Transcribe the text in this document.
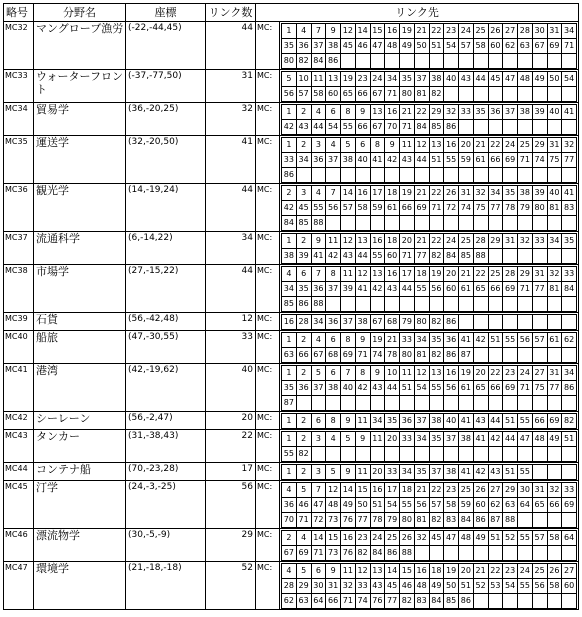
略号	分野名	座標	リンク数	リンク先
MC32	マングローブ漁労	(-22,-44,45)	44	MC:	1	4	7	9	12	14	15	16	19	21	22	23	24	25	26	27	28	30	31	34
35	36	37	38	45	46	47	48	49	50	51	54	57	58	60	62	63	67	69	71
80	82	84	86																

MC33	ウォーターフロント	(-37,-77,50)	31	MC:	5	10	11	13	19	23	24	34	35	37	38	40	43	44	45	47	48	49	50	54
56	57	58	60	65	66	67	71	80	81	82									

MC34	貿易学	(36,-20,25)	32	MC:	1	2	4	6	8	9	13	16	21	22	29	32	33	35	36	37	38	39	40	41
42	43	44	54	55	66	67	70	71	84	85	86								

MC35	運送学	(32,-20,50)	41	MC:	1	2	3	4	5	6	8	9	11	12	13	16	20	21	22	24	25	29	31	32
33	34	36	37	38	40	41	42	43	44	51	55	59	61	66	69	71	74	75	77
86																			

MC36	観光学	(14,-19,24)	44	MC:	2	3	4	7	14	16	17	18	19	21	22	26	31	32	34	35	38	39	40	41
42	45	55	56	57	58	59	61	66	69	71	72	74	75	77	78	79	80	81	83
84	85	88																	

MC37	流通科学	(6,-14,22)	34	MC:	1	2	9	11	12	13	16	18	20	21	22	24	25	28	29	31	32	33	34	35
38	39	41	42	43	44	55	60	71	77	82	84	85	88						

MC38	市場学	(27,-15,22)	44	MC:	4	6	7	8	11	12	13	16	17	18	19	20	21	22	25	28	29	31	32	33
34	35	36	37	39	41	42	43	44	55	56	60	61	65	66	69	71	77	81	84
85	86	88																	

MC39	石貨	(56,-42,48)	12	MC:	16	28	34	36	37	38	67	68	79	80	82	86								

MC40	船旅	(47,-30,55)	33	MC:	1	2	4	6	8	9	19	21	33	34	35	36	41	42	51	55	56	57	61	62
63	66	67	68	69	71	74	78	80	81	82	86	87							

MC41	港湾	(42,-19,62)	40	MC:	1	2	5	6	7	8	9	10	11	12	13	16	19	20	22	23	24	27	31	34
35	36	37	38	40	42	43	44	51	54	55	56	61	65	66	69	71	75	77	86
87																			

MC42	シーレーン	(56,-2,47)	20	MC:	1	2	6	8	9	11	34	35	36	37	38	40	41	43	44	51	55	66	69	82

MC43	タンカー	(31,-38,43)	22	MC:	1	2	3	4	5	9	11	20	33	34	35	37	38	41	42	44	47	48	49	51
55	82																		

MC44	コンテナ船	(70,-23,28)	17	MC:	1	2	3	5	9	11	20	33	34	35	37	38	41	42	43	51	55			

MC45	汀学	(24,-3,-25)	56	MC:	4	5	7	12	14	15	16	17	18	21	22	23	25	26	27	29	30	31	32	33
36	46	47	48	49	50	51	54	55	56	57	58	59	60	62	63	64	65	66	69
70	71	72	73	76	77	78	79	80	81	82	83	84	86	87	88				

MC46	漂流物学	(30,-5,-9)	29	MC:	2	4	14	15	16	23	24	25	26	32	45	47	48	49	51	52	55	57	58	64
67	69	71	73	76	82	84	86	88											

MC47	環境学	(21,-18,-18)	52	MC:	4	5	6	9	11	12	13	14	15	16	18	19	20	21	22	23	24	25	26	27
28	29	30	31	32	33	43	45	46	48	49	50	51	52	53	54	55	56	58	60
62	63	64	66	71	74	76	77	82	83	84	85	86							
